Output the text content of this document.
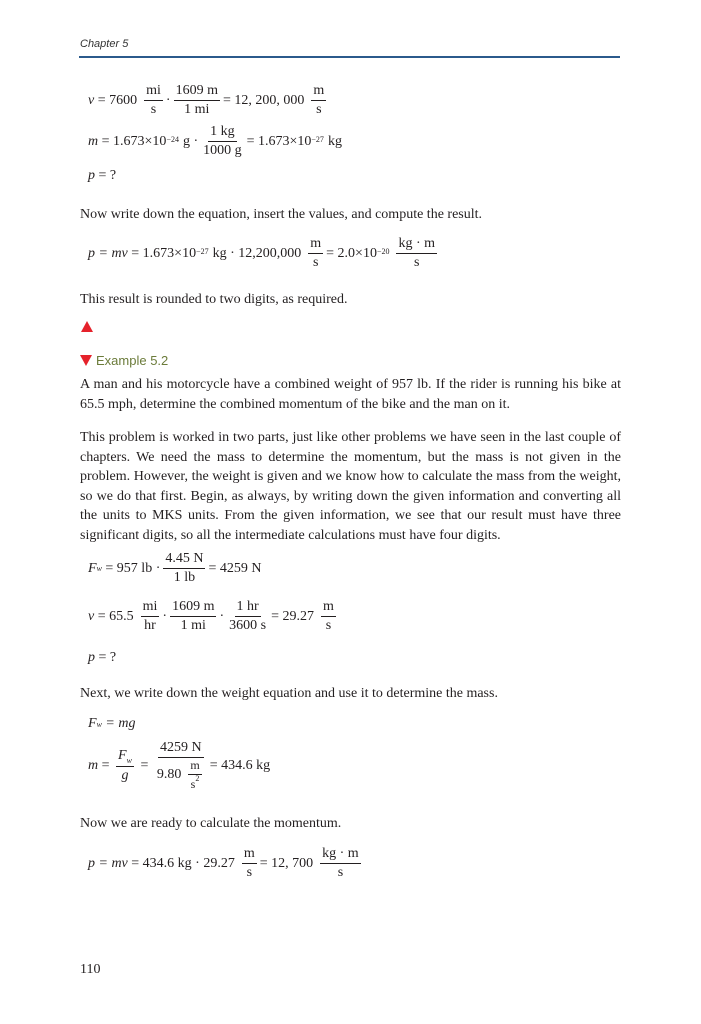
Chapter 5
$v = 7600 \frac{mi}{s} \cdot \frac{1609 m}{1 mi} = 12$, 200, $000 \frac{m}{s}$
$m = 1.673\times 10^{-24}$ $g \cdot \frac{1 kg}{1000 g} = 1.673\times 10^{-27}$ kg
p = ?
Now write down the equation, insert the values, and compute the result.
p = mv = $1.673\times 10^{-27}$ kg · $12,200,000 \frac{m}{s} = 2.0\times 10^{-20} \frac{kg \cdot m}{s}$
This result is rounded to two digits, as required.
Example 5.2
A man and his motorcycle have a combined weight of 957 lb. If the rider is running his bike at 65.5 mph, determine the combined momentum of the bike and the man on it.
This problem is worked in two parts, just like other problems we have seen in the last couple of chapters. We need the mass to determine the momentum, but the mass is not given in the problem. However, the weight is given and we know how to calculate the mass from the weight, so we do that first. Begin, as always, by writing down the given information and converting all the units to MKS units. From the given information, we see that our result must have three significant digits, so all the intermediate calculations must have four digits.
F w = 957 lb · $\frac{4.45 N}{1 lb} = 4259$ N
$v = 65.5 \frac{mi}{hr} \cdot \frac{1609 m}{1 mi} \cdot \frac{1 hr}{3600 s} = 29.27 \frac{m}{s}$
p = ?
Next, we write down the weight equation and use it to determine the mass.
F w = mg
$m = \frac{F_w}{g} = \frac{4259 N}{9.80 \frac{m}{s^2}} = 434.6$ kg
Now we are ready to calculate the momentum.
p = mv = 434.6 kg · $29.27 \frac{m}{s} = 12$, $700 \frac{kg \cdot m}{s}$
110
